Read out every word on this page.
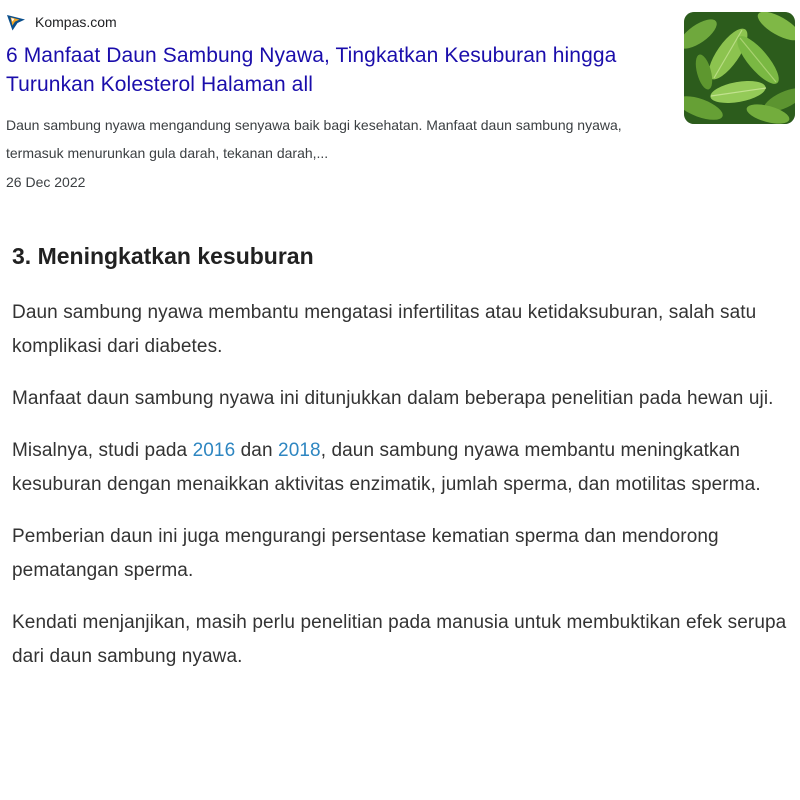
Kompas.com
6 Manfaat Daun Sambung Nyawa, Tingkatkan Kesuburan hingga Turunkan Kolesterol Halaman all

Daun sambung nyawa mengandung senyawa baik bagi kesehatan. Manfaat daun sambung nyawa, termasuk menurunkan gula darah, tekanan darah,...

26 Dec 2022

3. Meningkatkan kesuburan

Daun sambung nyawa membantu mengatasi infertilitas atau ketidaksuburan, salah satu komplikasi dari diabetes.

Manfaat daun sambung nyawa ini ditunjukkan dalam beberapa penelitian pada hewan uji.

Misalnya, studi pada 2016 dan 2018, daun sambung nyawa membantu meningkatkan kesuburan dengan menaikkan aktivitas enzimatik, jumlah sperma, dan motilitas sperma.

Pemberian daun ini juga mengurangi persentase kematian sperma dan mendorong pematangan sperma.

Kendati menjanjikan, masih perlu penelitian pada manusia untuk membuktikan efek serupa dari daun sambung nyawa.
